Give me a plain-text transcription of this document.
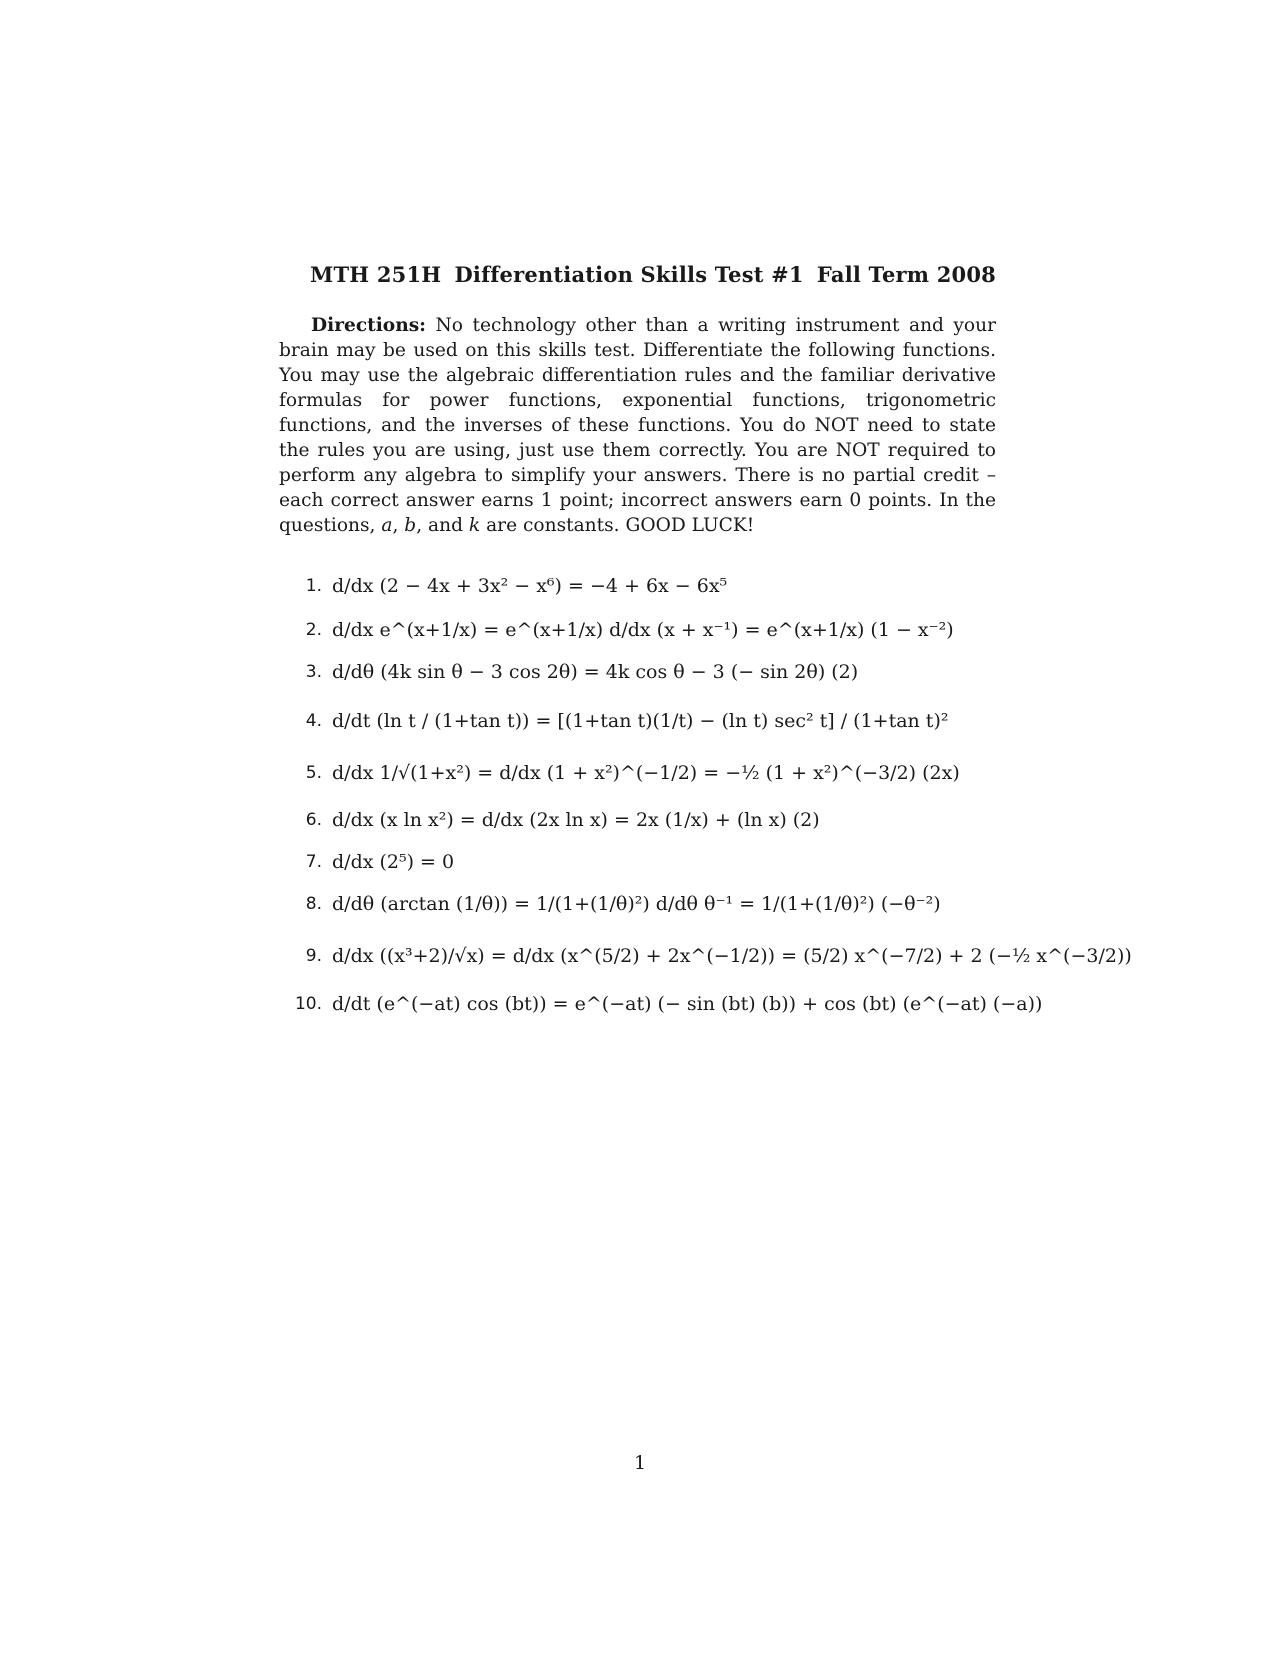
MTH 251H Differentiation Skills Test #1 Fall Term 2008

Directions: No technology other than a writing instrument and your brain may be used on this skills test. Differentiate the following functions. You may use the algebraic differentiation rules and the familiar derivative formulas for power functions, exponential functions, trigonometric functions, and the inverses of these functions. You do NOT need to state the rules you are using, just use them correctly. You are NOT required to perform any algebra to simplify your answers. There is no partial credit – each correct answer earns 1 point; incorrect answers earn 0 points. In the questions, a, b, and k are constants. GOOD LUCK!

1. d/dx (2 − 4x + 3x² − x⁶) = −4 + 6x − 6x⁵
2. d/dx e^(x+1/x) = e^(x+1/x) d/dx (x + x⁻¹) = e^(x+1/x) (1 − x⁻²)
3. d/dθ (4k sin θ − 3 cos 2θ) = 4k cos θ − 3 (− sin 2θ) (2)
4. d/dt (ln t / (1+tan t)) = [(1+tan t)(1/t) − (ln t) sec² t] / (1+tan t)²
5. d/dx 1/√(1+x²) = d/dx (1 + x²)^(−1/2) = −½ (1 + x²)^(−3/2) (2x)
6. d/dx (x ln x²) = d/dx (2x ln x) = 2x (1/x) + (ln x) (2)
7. d/dx (2⁵) = 0
8. d/dθ (arctan (1/θ)) = 1/(1+(1/θ)²) d/dθ θ⁻¹ = 1/(1+(1/θ)²) (−θ⁻²)
9. d/dx ((x³+2)/√x) = d/dx (x^(5/2) + 2x^(−1/2)) = (5/2) x^(−7/2) + 2 (−½ x^(−3/2))
10. d/dt (e^(−at) cos (bt)) = e^(−at) (− sin (bt) (b)) + cos (bt) (e^(−at) (−a))
1
